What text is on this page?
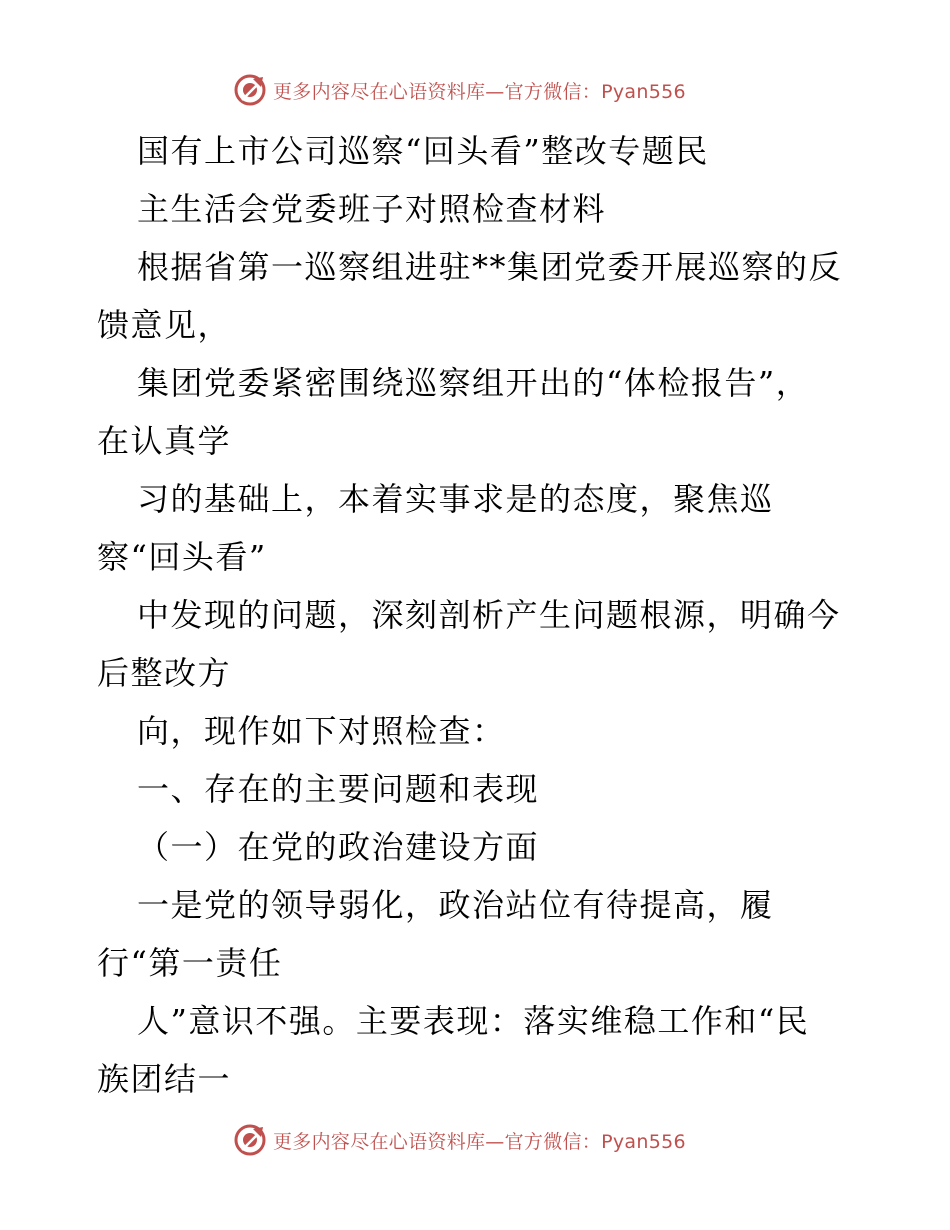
更多内容尽在心语资料库—官方微信：Pyan556
国有上市公司巡察“回头看”整改专题民
主生活会党委班子对照检查材料
根据省第一巡察组进驻**集团党委开展巡察的反
馈意见，
集团党委紧密围绕巡察组开出的“体检报告”，
在认真学
习的基础上，本着实事求是的态度，聚焦巡
察“回头看”
中发现的问题，深刻剖析产生问题根源，明确今
后整改方
向，现作如下对照检查：
一、存在的主要问题和表现
（一）在党的政治建设方面
一是党的领导弱化，政治站位有待提高，履
行“第一责任
人”意识不强。主要表现：落实维稳工作和“民
族团结一
更多内容尽在心语资料库—官方微信：Pyan556
